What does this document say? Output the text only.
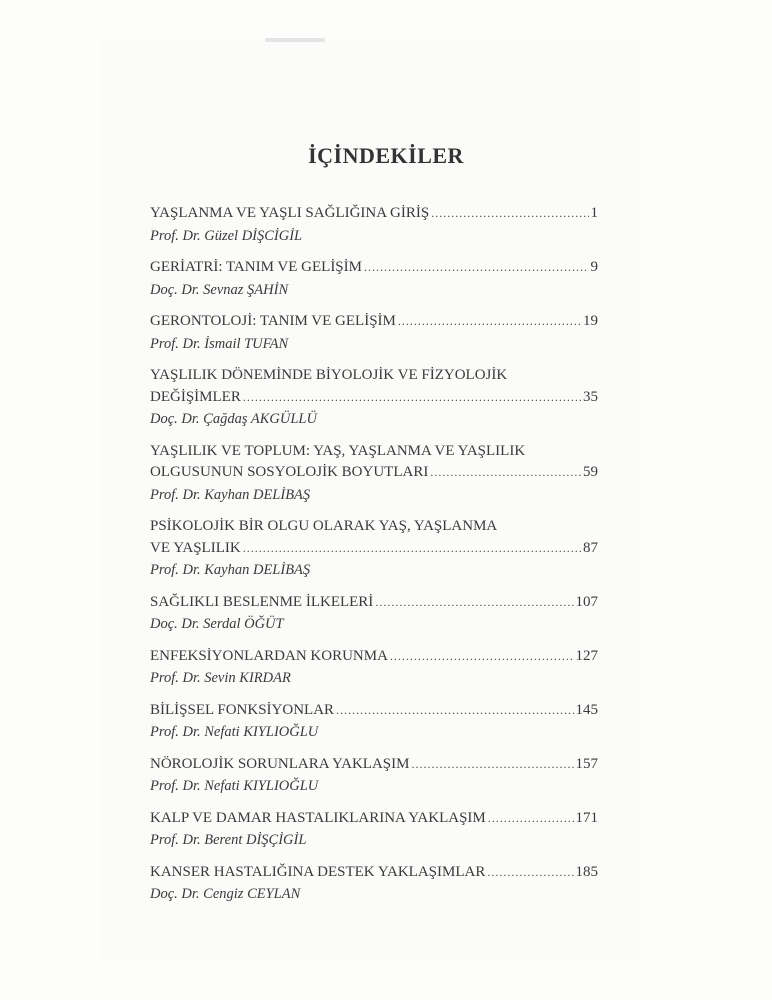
İÇİNDEKİLER
YAŞLANMA VE YAŞLI SAĞLIĞINA GİRİŞ .....	1
Prof. Dr. Güzel DİŞCİGİL
GERİATRİ: TANIM VE GELİŞİM .....	9
Doç. Dr. Sevnaz ŞAHİN
GERONTOLOJİ: TANIM VE GELİŞİM .....	19
Prof. Dr. İsmail TUFAN
YAŞLILIK DÖNEMİNDE BİYOLOJİK VE FİZYOLOJİK
DEĞİŞİMLER .....	35
Doç. Dr. Çağdaş AKGÜLLÜ
YAŞLILIK VE TOPLUM: YAŞ, YAŞLANMA VE YAŞLILIK
OLGUSUNUN SOSYOLOJİK BOYUTLARI .....	59
Prof. Dr. Kayhan DELİBAŞ
PSİKOLOJİK BİR OLGU OLARAK YAŞ, YAŞLANMA
VE YAŞLILIK .....	87
Prof. Dr. Kayhan DELİBAŞ
SAĞLIKLI BESLENME İLKELERİ .....	107
Doç. Dr. Serdal ÖĞÜT
ENFEKSİYONLARDAN KORUNMA .....	127
Prof. Dr. Sevin KIRDAR
BİLİŞSEL FONKSİYONLAR .....	145
Prof. Dr. Nefati KIYLIOĞLU
NÖROLOJİK SORUNLARA YAKLAŞIM .....	157
Prof. Dr. Nefati KIYLIOĞLU
KALP VE DAMAR HASTALIKLARINA YAKLAŞIM .....	171
Prof. Dr. Berent DİŞÇİGİL
KANSER HASTALIĞINA DESTEK YAKLAŞIMLAR .....	185
Doç. Dr. Cengiz CEYLAN
